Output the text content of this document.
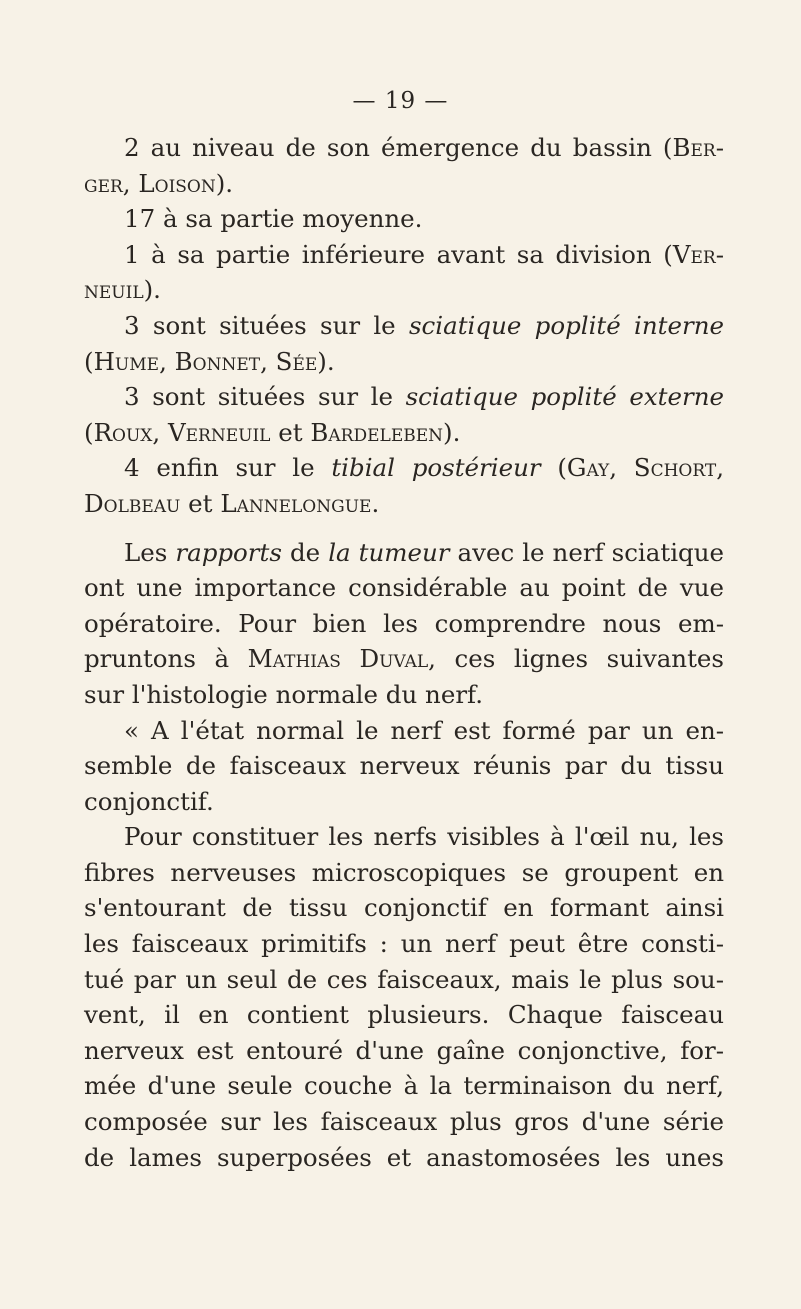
— 19 —
2 au niveau de son émergence du bassin (Ber-
ger, Loison).
17 à sa partie moyenne.
1 à sa partie inférieure avant sa division (Ver-
neuil).
3 sont situées sur le sciatique poplité interne
(Hume, Bonnet, Sée).
3 sont situées sur le sciatique poplité externe
(Roux, Verneuil et Bardeleben).
4 enfin sur le tibial postérieur (Gay, Schort,
Dolbeau et Lannelongue.
Les rapports de la tumeur avec le nerf sciatique
ont une importance considérable au point de vue
opératoire. Pour bien les comprendre nous em-
pruntons à Mathias Duval, ces lignes suivantes
sur l'histologie normale du nerf.
« A l'état normal le nerf est formé par un en-
semble de faisceaux nerveux réunis par du tissu
conjonctif.
Pour constituer les nerfs visibles à l'œil nu, les
fibres nerveuses microscopiques se groupent en
s'entourant de tissu conjonctif en formant ainsi
les faisceaux primitifs : un nerf peut être consti-
tué par un seul de ces faisceaux, mais le plus sou-
vent, il en contient plusieurs. Chaque faisceau
nerveux est entouré d'une gaîne conjonctive, for-
mée d'une seule couche à la terminaison du nerf,
composée sur les faisceaux plus gros d'une série
de lames superposées et anastomosées les unes
